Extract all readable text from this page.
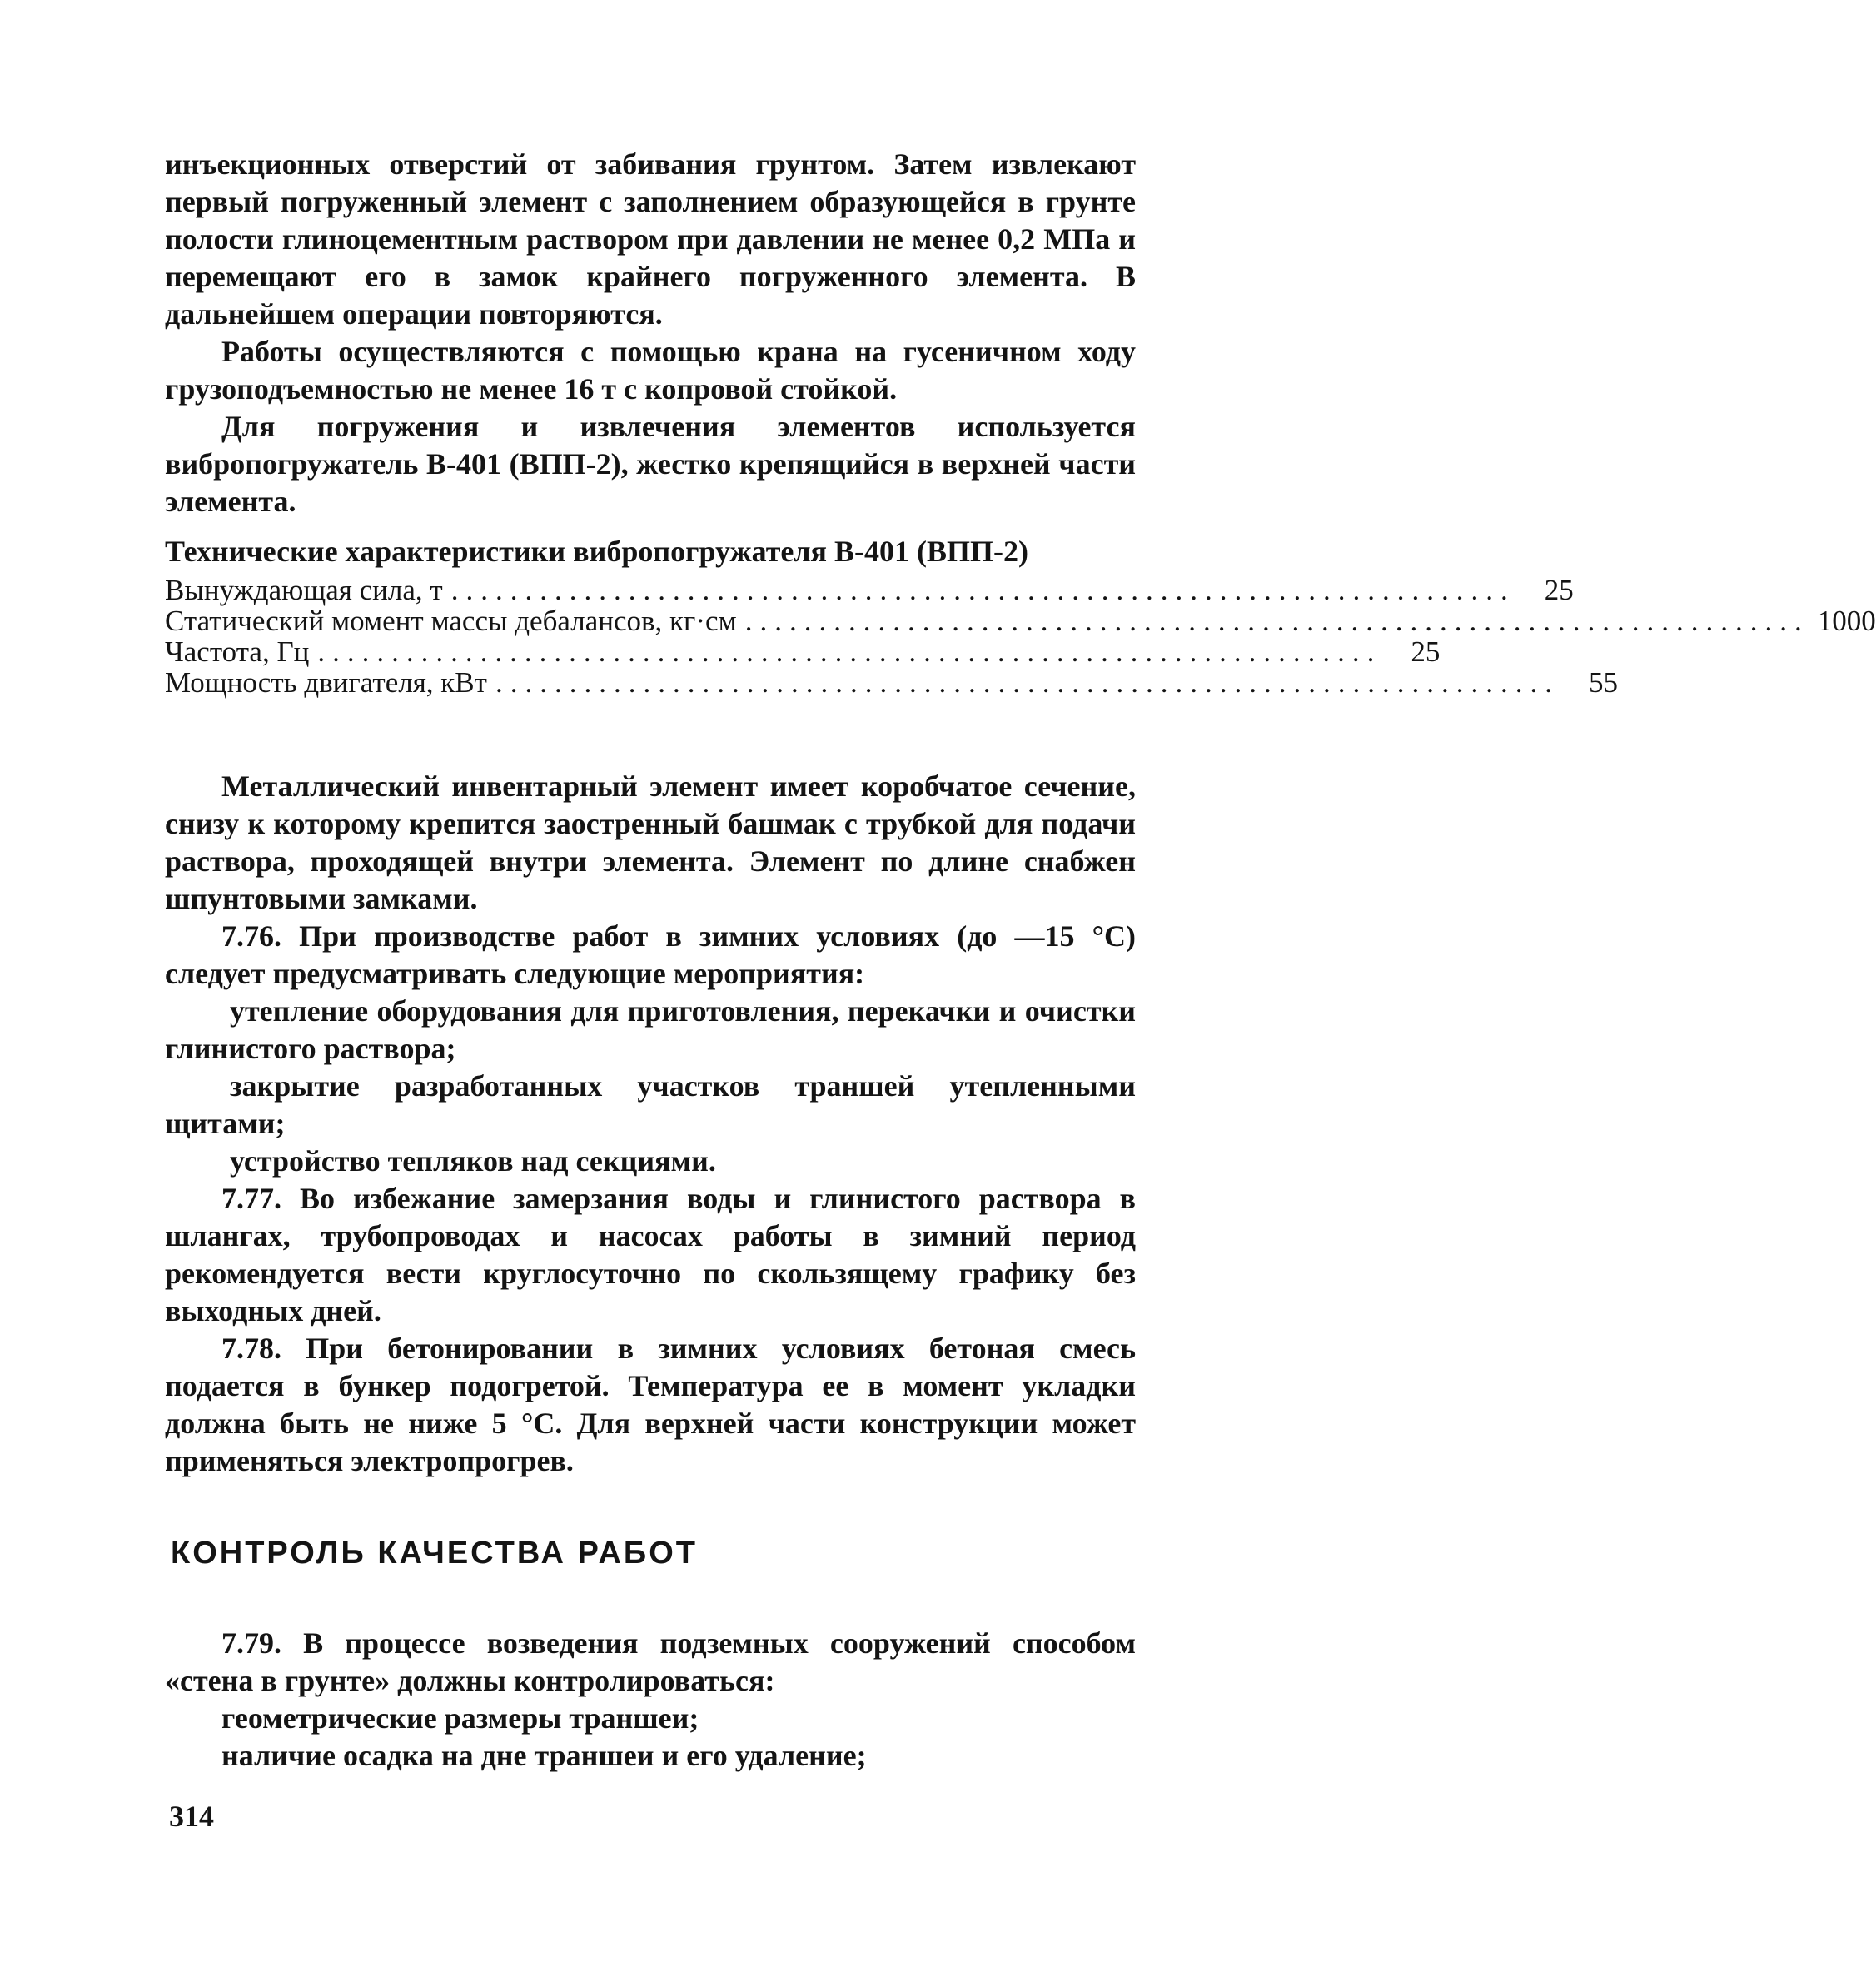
инъекционных отверстий от забивания грунтом. Затем извлекают первый погруженный элемент с заполнением образующейся в грунте полости глиноцементным раствором при давлении не менее 0,2 МПа и перемещают его в замок крайнего погруженного элемента. В дальнейшем операции повторяются.

Работы осуществляются с помощью крана на гусеничном ходу грузоподъемностью не менее 16 т с копровой стойкой.

Для погружения и извлечения элементов используется вибропогружатель В-401 (ВПП-2), жестко крепящийся в верхней части элемента.

Технические характеристики вибропогружателя В-401 (ВПП-2)

Вынуждающая сила, т ........................................................................	25
Статический момент массы дебалансов, кг·см ........................................................................ 1000
Частота, Гц ........................................................................	25
Мощность двигателя, кВт ........................................................................	55

Металлический инвентарный элемент имеет коробчатое сечение, снизу к которому крепится заостренный башмак с трубкой для подачи раствора, проходящей внутри элемента. Элемент по длине снабжен шпунтовыми замками.

7.76. При производстве работ в зимних условиях (до —15 °С) следует предусматривать следующие мероприятия:

утепление оборудования для приготовления, перекачки и очистки глинистого раствора;

закрытие разработанных участков траншей утепленными щитами;

устройство тепляков над секциями.

7.77. Во избежание замерзания воды и глинистого раствора в шлангах, трубопроводах и насосах работы в зимний период рекомендуется вести круглосуточно по скользящему графику без выходных дней.

7.78. При бетонировании в зимних условиях бетоная смесь подается в бункер подогретой. Температура ее в момент укладки должна быть не ниже 5 °С. Для верхней части конструкции может применяться электропрогрев.

КОНТРОЛЬ КАЧЕСТВА РАБОТ

7.79. В процессе возведения подземных сооружений способом «стена в грунте» должны контролироваться:

геометрические размеры траншеи;

наличие осадка на дне траншеи и его удаление;

314
